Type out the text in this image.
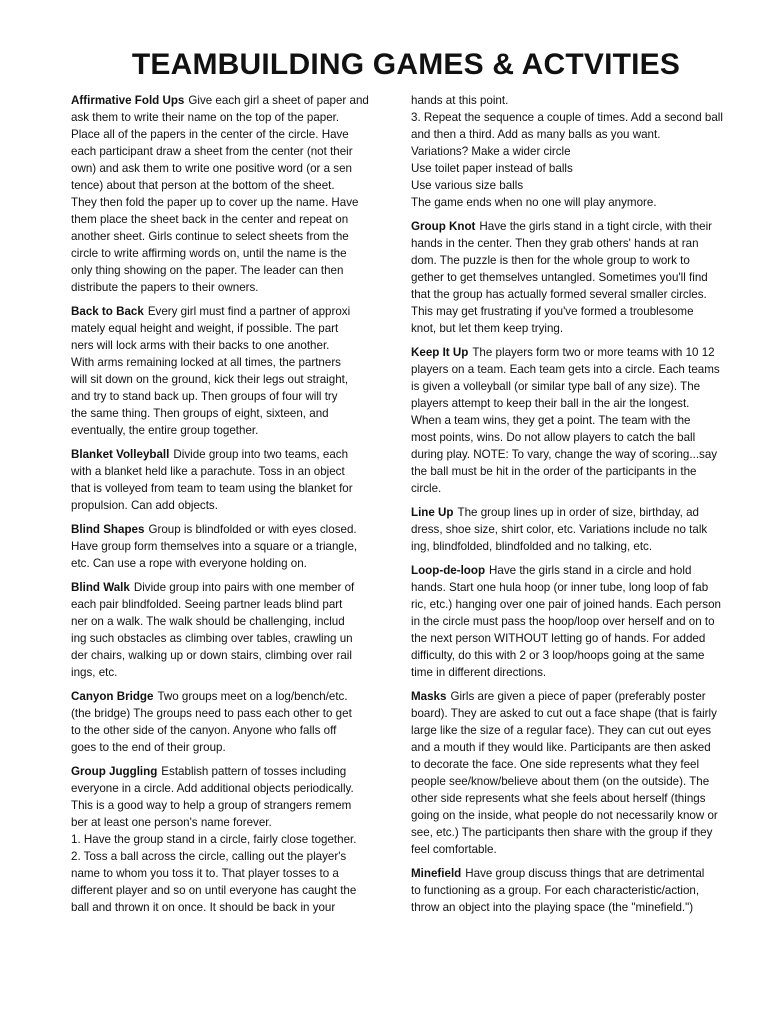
TEAMBUILDING GAMES & ACTVITIES
Affirmative Fold Ups Give each girl a sheet of paper and
ask them to write their name on the top of the paper.
Place all of the papers in the center of the circle. Have
each participant draw a sheet from the center (not their
own) and ask them to write one positive word (or a sen
tence) about that person at the bottom of the sheet.
They then fold the paper up to cover up the name. Have
them place the sheet back in the center and repeat on
another sheet. Girls continue to select sheets from the
circle to write affirming words on, until the name is the
only thing showing on the paper. The leader can then
distribute the papers to their owners.
Back to Back Every girl must find a partner of approxi
mately equal height and weight, if possible. The part
ners will lock arms with their backs to one another.
With arms remaining locked at all times, the partners
will sit down on the ground, kick their legs out straight,
and try to stand back up. Then groups of four will try
the same thing. Then groups of eight, sixteen, and
eventually, the entire group together.
Blanket Volleyball Divide group into two teams, each
with a blanket held like a parachute. Toss in an object
that is volleyed from team to team using the blanket for
propulsion. Can add objects.
Blind Shapes Group is blindfolded or with eyes closed.
Have group form themselves into a square or a triangle,
etc. Can use a rope with everyone holding on.
Blind Walk Divide group into pairs with one member of
each pair blindfolded. Seeing partner leads blind part
ner on a walk. The walk should be challenging, includ
ing such obstacles as climbing over tables, crawling un
der chairs, walking up or down stairs, climbing over rail
ings, etc.
Canyon Bridge Two groups meet on a log/bench/etc.
(the bridge) The groups need to pass each other to get
to the other side of the canyon. Anyone who falls off
goes to the end of their group.
Group Juggling Establish pattern of tosses including
everyone in a circle. Add additional objects periodically.
This is a good way to help a group of strangers remem
ber at least one person's name forever.
1. Have the group stand in a circle, fairly close together.
2. Toss a ball across the circle, calling out the player's
name to whom you toss it to. That player tosses to a
different player and so on until everyone has caught the
ball and thrown it on once. It should be back in your
hands at this point.
3. Repeat the sequence a couple of times. Add a second ball
and then a third. Add as many balls as you want.
Variations? Make a wider circle
Use toilet paper instead of balls
Use various size balls
The game ends when no one will play anymore.
Group Knot Have the girls stand in a tight circle, with their
hands in the center. Then they grab others' hands at ran
dom. The puzzle is then for the whole group to work to
gether to get themselves untangled. Sometimes you'll find
that the group has actually formed several smaller circles.
This may get frustrating if you've formed a troublesome
knot, but let them keep trying.
Keep It Up The players form two or more teams with 10 12
players on a team. Each team gets into a circle. Each teams
is given a volleyball (or similar type ball of any size). The
players attempt to keep their ball in the air the longest.
When a team wins, they get a point. The team with the
most points, wins. Do not allow players to catch the ball
during play. NOTE: To vary, change the way of scoring...say
the ball must be hit in the order of the participants in the
circle.
Line Up The group lines up in order of size, birthday, ad
dress, shoe size, shirt color, etc. Variations include no talk
ing, blindfolded, blindfolded and no talking, etc.
Loop-de-loop Have the girls stand in a circle and hold
hands. Start one hula hoop (or inner tube, long loop of fab
ric, etc.) hanging over one pair of joined hands. Each person
in the circle must pass the hoop/loop over herself and on to
the next person WITHOUT letting go of hands. For added
difficulty, do this with 2 or 3 loop/hoops going at the same
time in different directions.
Masks Girls are given a piece of paper (preferably poster
board). They are asked to cut out a face shape (that is fairly
large like the size of a regular face). They can cut out eyes
and a mouth if they would like. Participants are then asked
to decorate the face. One side represents what they feel
people see/know/believe about them (on the outside). The
other side represents what she feels about herself (things
going on the inside, what people do not necessarily know or
see, etc.) The participants then share with the group if they
feel comfortable.
Minefield Have group discuss things that are detrimental
to functioning as a group. For each characteristic/action,
throw an object into the playing space (the "minefield.")
